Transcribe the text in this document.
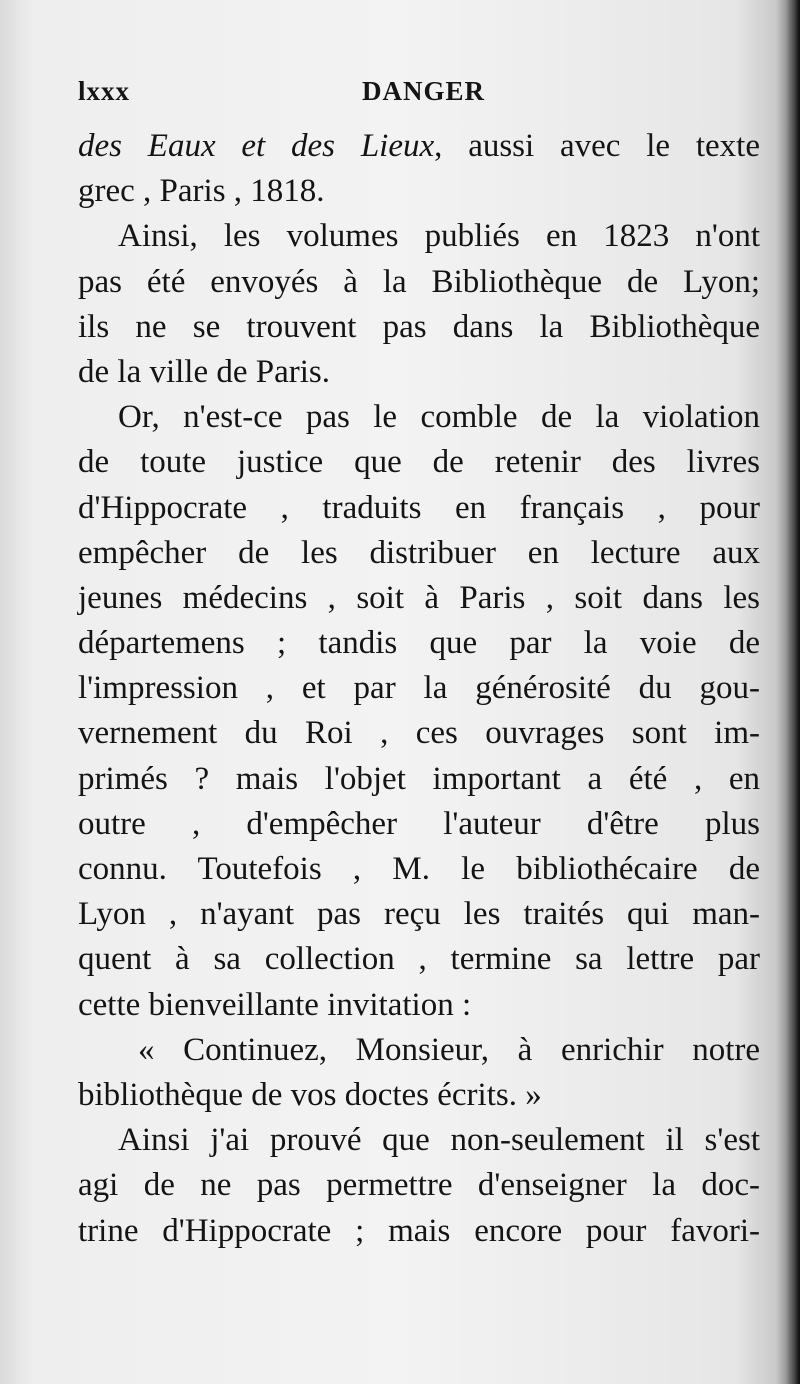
lxxx	DANGER
des Eaux et des Lieux, aussi avec le texte
grec , Paris , 1818.
Ainsi, les volumes publiés en 1823 n'ont
pas été envoyés à la Bibliothèque de Lyon;
ils ne se trouvent pas dans la Bibliothèque
de la ville de Paris.
Or, n'est-ce pas le comble de la violation
de toute justice que de retenir des livres
d'Hippocrate , traduits en français , pour
empêcher de les distribuer en lecture aux
jeunes médecins , soit à Paris , soit dans les
départemens ; tandis que par la voie de
l'impression , et par la générosité du gou-
vernement du Roi , ces ouvrages sont im-
primés ? mais l'objet important a été , en
outre , d'empêcher l'auteur d'être plus
connu. Toutefois , M. le bibliothécaire de
Lyon , n'ayant pas reçu les traités qui man-
quent à sa collection , termine sa lettre par
cette bienveillante invitation :
« Continuez, Monsieur, à enrichir notre
bibliothèque de vos doctes écrits. »
Ainsi j'ai prouvé que non-seulement il s'est
agi de ne pas permettre d'enseigner la doc-
trine d'Hippocrate ; mais encore pour favori-
